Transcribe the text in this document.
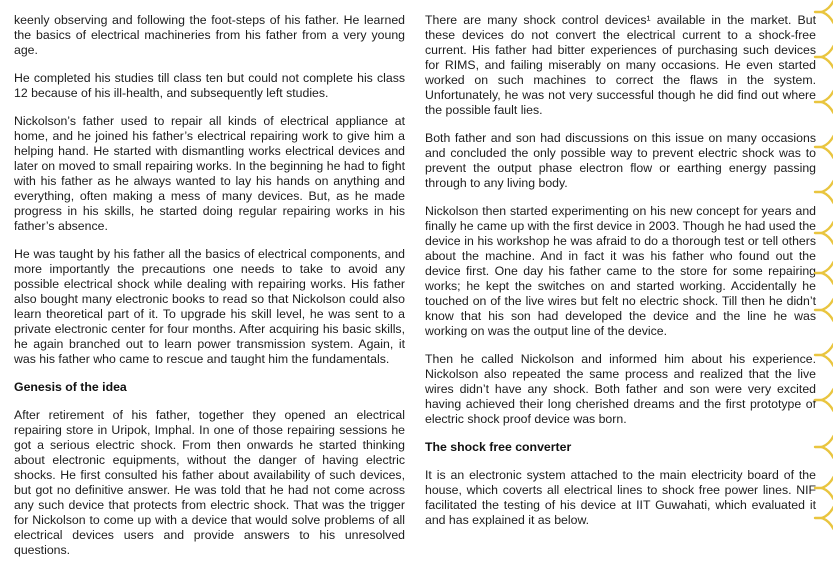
keenly observing and following the foot-steps of his father. He learned the basics of electrical machineries from his father from a very young age.

He completed his studies till class ten but could not complete his class 12 because of his ill-health, and subsequently left studies.

Nickolson’s father used to repair all kinds of electrical appliance at home, and he joined his father’s electrical repairing work to give him a helping hand. He started with dismantling works electrical devices and later on moved to small repairing works. In the beginning he had to fight with his father as he always wanted to lay his hands on anything and everything, often making a mess of many devices. But, as he made progress in his skills, he started doing regular repairing works in his father’s absence.

He was taught by his father all the basics of electrical components, and more importantly the precautions one needs to take to avoid any possible electrical shock while dealing with repairing works. His father also bought many electronic books to read so that Nickolson could also learn theoretical part of it. To upgrade his skill level, he was sent to a private electronic center for four months. After acquiring his basic skills, he again branched out to learn power transmission system. Again, it was his father who came to rescue and taught him the fundamentals.

Genesis of the idea

After retirement of his father, together they opened an electrical repairing store in Uripok, Imphal. In one of those repairing sessions he got a serious electric shock. From then onwards he started thinking about electronic equipments, without the danger of having electric shocks. He first consulted his father about availability of such devices, but got no definitive answer. He was told that he had not come across any such device that protects from electric shock. That was the trigger for Nickolson to come up with a device that would solve problems of all electrical devices users and provide answers to his unresolved questions.

There are many shock control devices¹ available in the market. But these devices do not convert the electrical current to a shock-free current. His father had bitter experiences of purchasing such devices for RIMS, and failing miserably on many occasions. He even started worked on such machines to correct the flaws in the system. Unfortunately, he was not very successful though he did find out where the possible fault lies.

Both father and son had discussions on this issue on many occasions and concluded the only possible way to prevent electric shock was to prevent the output phase electron flow or earthing energy passing through to any living body.

Nickolson then started experimenting on his new concept for years and finally he came up with the first device in 2003. Though he had used the device in his workshop he was afraid to do a thorough test or tell others about the machine. And in fact it was his father who found out the device first. One day his father came to the store for some repairing works; he kept the switches on and started working. Accidentally he touched on of the live wires but felt no electric shock. Till then he didn’t know that his son had developed the device and the line he was working on was the output line of the device.

Then he called Nickolson and informed him about his experience. Nickolson also repeated the same process and realized that the live wires didn’t have any shock. Both father and son were very excited having achieved their long cherished dreams and the first prototype of electric shock proof device was born.

The shock free converter

It is an electronic system attached to the main electricity board of the house, which coverts all electrical lines to shock free power lines. NIF facilitated the testing of his device at IIT Guwahati, which evaluated it and has explained it as below.
